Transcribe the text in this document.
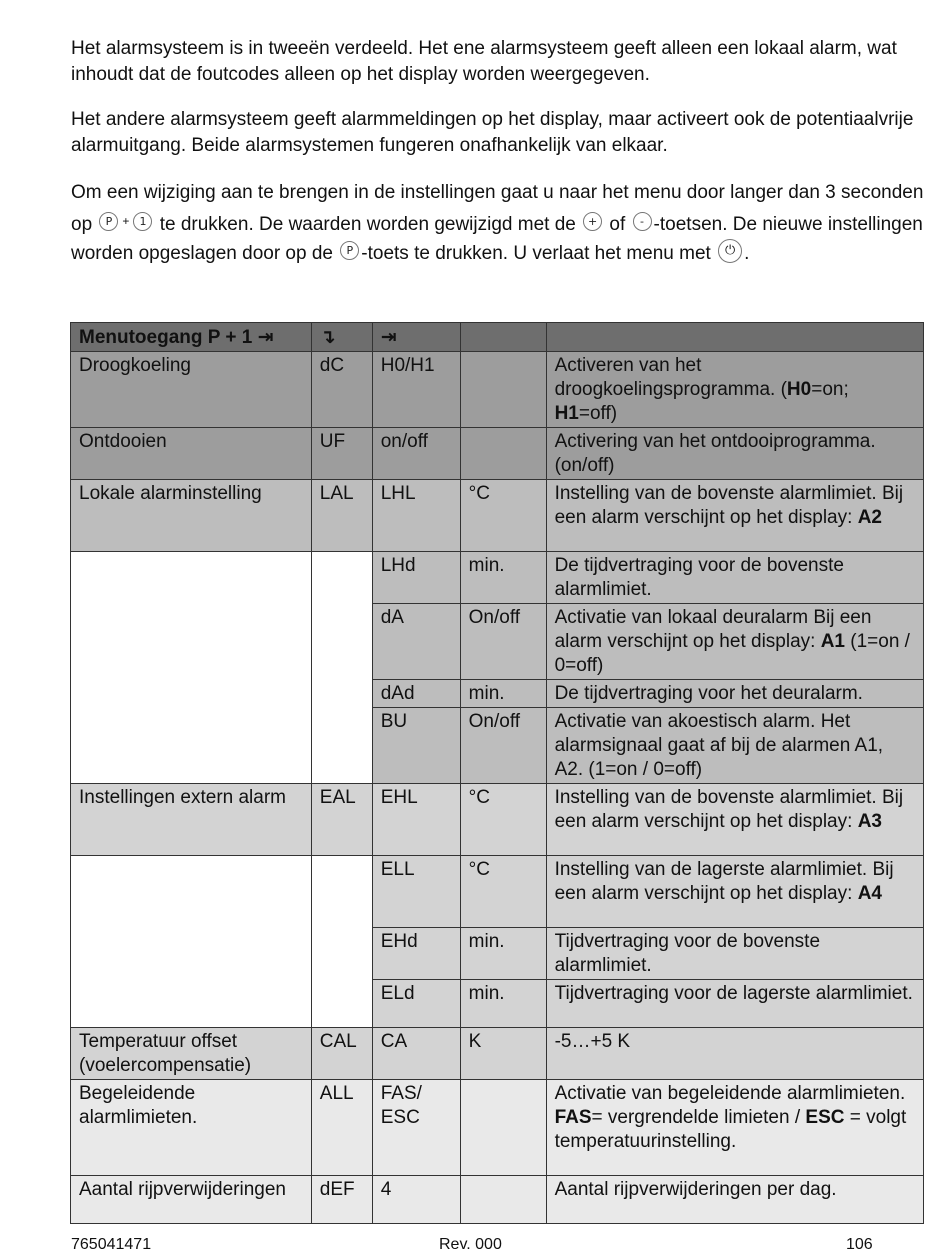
Het alarmsysteem is in tweeën verdeeld. Het ene alarmsysteem geeft alleen een lokaal alarm, wat inhoudt dat de foutcodes alleen op het display worden weergegeven.

Het andere alarmsysteem geeft alarmmeldingen op het display, maar activeert ook de potentiaalvrije alarmuitgang. Beide alarmsystemen fungeren onafhankelijk van elkaar.

Om een wijziging aan te brengen in de instellingen gaat u naar het menu door langer dan 3 seconden op P + 1 te drukken. De waarden worden gewijzigd met de + of - -toetsen. De nieuwe instellingen worden opgeslagen door op de P -toets te drukken. U verlaat het menu met ⏻ .

Menutoegang P + 1 ⇥	↴	⇥		
Droogkoeling	dC	H0/H1		Activeren van het droogkoelingsprogramma. (H0=on; H1=off)
Ontdooien	UF	on/off		Activering van het ontdooiprogramma. (on/off)
Lokale alarminstelling	LAL	LHL	°C	Instelling van de bovenste alarmlimiet. Bij een alarm verschijnt op het display: A2
		LHd	min.	De tijdvertraging voor de bovenste alarmlimiet.
		dA	On/off	Activatie van lokaal deuralarm Bij een alarm verschijnt op het display: A1 (1=on / 0=off)
		dAd	min.	De tijdvertraging voor het deuralarm.
		BU	On/off	Activatie van akoestisch alarm. Het alarmsignaal gaat af bij de alarmen A1, A2. (1=on / 0=off)
Instellingen extern alarm	EAL	EHL	°C	Instelling van de bovenste alarmlimiet. Bij een alarm verschijnt op het display: A3
		ELL	°C	Instelling van de lagerste alarmlimiet. Bij een alarm verschijnt op het display: A4
		EHd	min.	Tijdvertraging voor de bovenste alarmlimiet.
		ELd	min.	Tijdvertraging voor de lagerste alarmlimiet.
Temperatuur offset (voelercompensatie)	CAL	CA	K	-5…+5 K
Begeleidende alarmlimieten.	ALL	FAS/ ESC		Activatie van begeleidende alarmlimieten. FAS= vergrendelde limieten / ESC = volgt temperatuurinstelling.
Aantal rijpverwijderingen	dEF	4		Aantal rijpverwijderingen per dag.
765041471	Rev. 000	106
